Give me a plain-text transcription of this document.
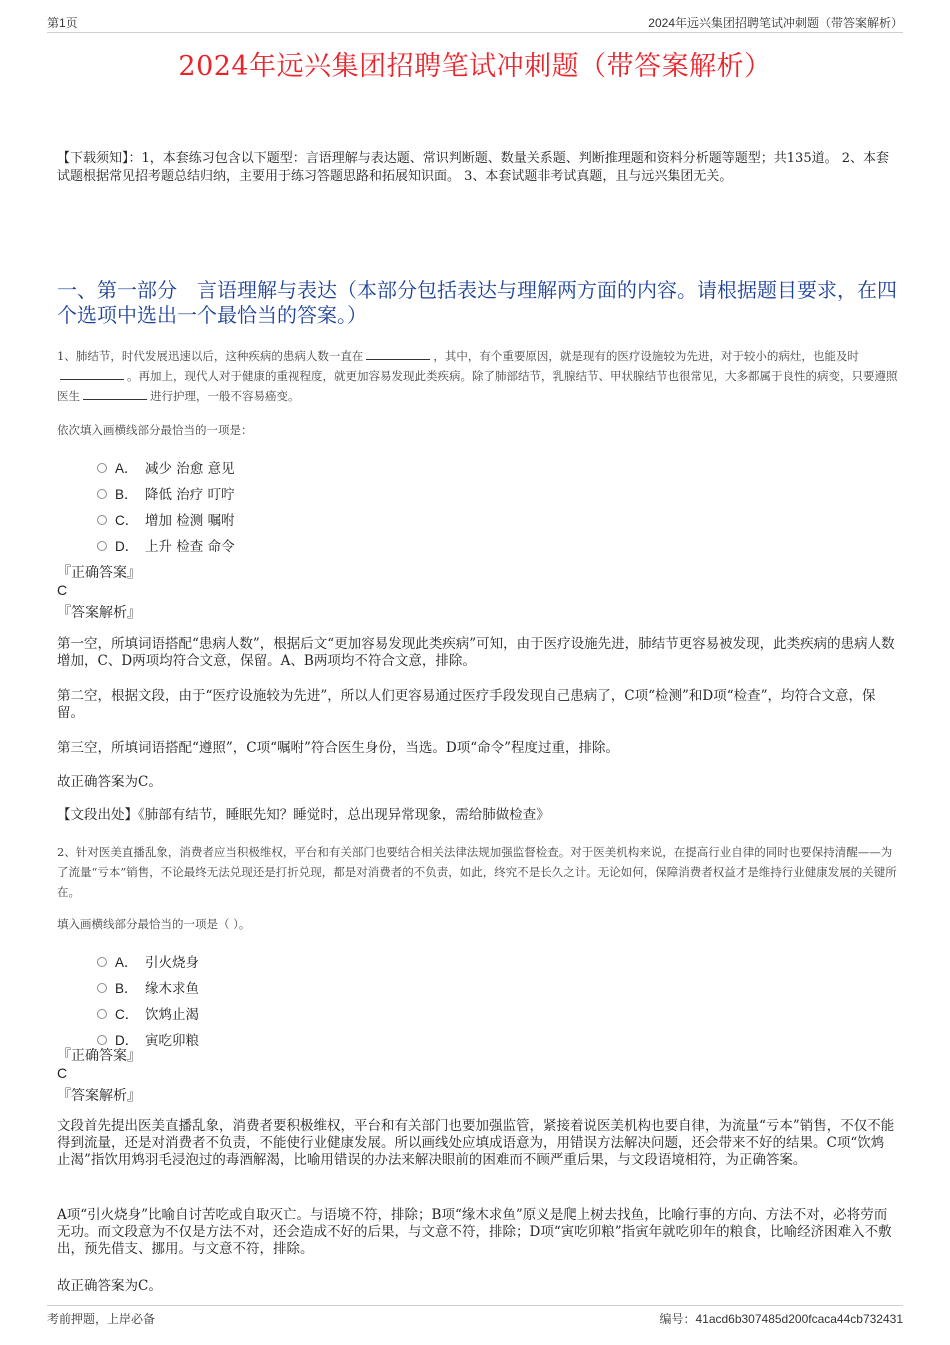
第1页	2024年远兴集团招聘笔试冲刺题（带答案解析）
2024年远兴集团招聘笔试冲刺题（带答案解析）
【下载须知】：1，本套练习包含以下题型：言语理解与表达题、常识判断题、数量关系题、判断推理题和资料分析题等题型；共135道。 2、本套试题根据常见招考题总结归纳，主要用于练习答题思路和拓展知识面。 3、本套试题非考试真题，且与远兴集团无关。
一、第一部分　言语理解与表达（本部分包括表达与理解两方面的内容。请根据题目要求，在四个选项中选出一个最恰当的答案。）
1、肺结节，时代发展迅速以后，这种疾病的患病人数一直在	，其中，有个重要原因，就是现有的医疗设施较为先进，对于较小的病灶，也能及时。再加上，现代人对于健康的重视程度，就更加容易发现此类疾病。除了肺部结节，乳腺结节、甲状腺结节也很常见，大多都属于良性的病变，只要遵照医生	进行护理，一般不容易癌变。
依次填入画横线部分最恰当的一项是：
A． 减少 治愈 意见
B． 降低 治疗 叮咛
C． 增加 检测 嘱咐
D． 上升 检查 命令
『正确答案』
C
『答案解析』
第一空，所填词语搭配“患病人数”，根据后文“更加容易发现此类疾病”可知，由于医疗设施先进，肺结节更容易被发现，此类疾病的患病人数增加，C、D两项均符合文意，保留。A、B两项均不符合文意，排除。
第二空，根据文段，由于“医疗设施较为先进”，所以人们更容易通过医疗手段发现自己患病了，C项“检测”和D项“检查”，均符合文意，保留。
第三空，所填词语搭配“遵照”，C项“嘱咐”符合医生身份，当选。D项“命令”程度过重，排除。
故正确答案为C。
【文段出处】《肺部有结节，睡眠先知？睡觉时，总出现异常现象，需给肺做检查》
2、针对医美直播乱象，消费者应当积极维权，平台和有关部门也要结合相关法律法规加强监督检查。对于医美机构来说，在提高行业自律的同时也要保持清醒——为了流量“亏本”销售，不论最终无法兑现还是打折兑现，都是对消费者的不负责，如此，终究不是长久之计。无论如何，保障消费者权益才是维持行业健康发展的关键所在。
填入画横线部分最恰当的一项是（ ）。
A． 引火烧身
B． 缘木求鱼
C． 饮鸩止渴
D． 寅吃卯粮
『正确答案』
C
『答案解析』
文段首先提出医美直播乱象，消费者要积极维权，平台和有关部门也要加强监管，紧接着说医美机构也要自律，为流量“亏本”销售，不仅不能得到流量，还是对消费者不负责，不能使行业健康发展。所以画线处应填成语意为，用错误方法解决问题，还会带来不好的结果。C项“饮鸩止渴”指饮用鸩羽毛浸泡过的毒酒解渴，比喻用错误的办法来解决眼前的困难而不顾严重后果，与文段语境相符，为正确答案。
A项“引火烧身”比喻自讨苦吃或自取灭亡。与语境不符，排除；B项“缘木求鱼”原义是爬上树去找鱼，比喻行事的方向、方法不对，必将劳而无功。而文段意为不仅是方法不对，还会造成不好的后果，与文意不符，排除；D项“寅吃卯粮”指寅年就吃卯年的粮食，比喻经济困难入不敷出，预先借支、挪用。与文意不符，排除。
故正确答案为C。
考前押题，上岸必备	编号：41acd6b307485d200fcaca44cb732431
